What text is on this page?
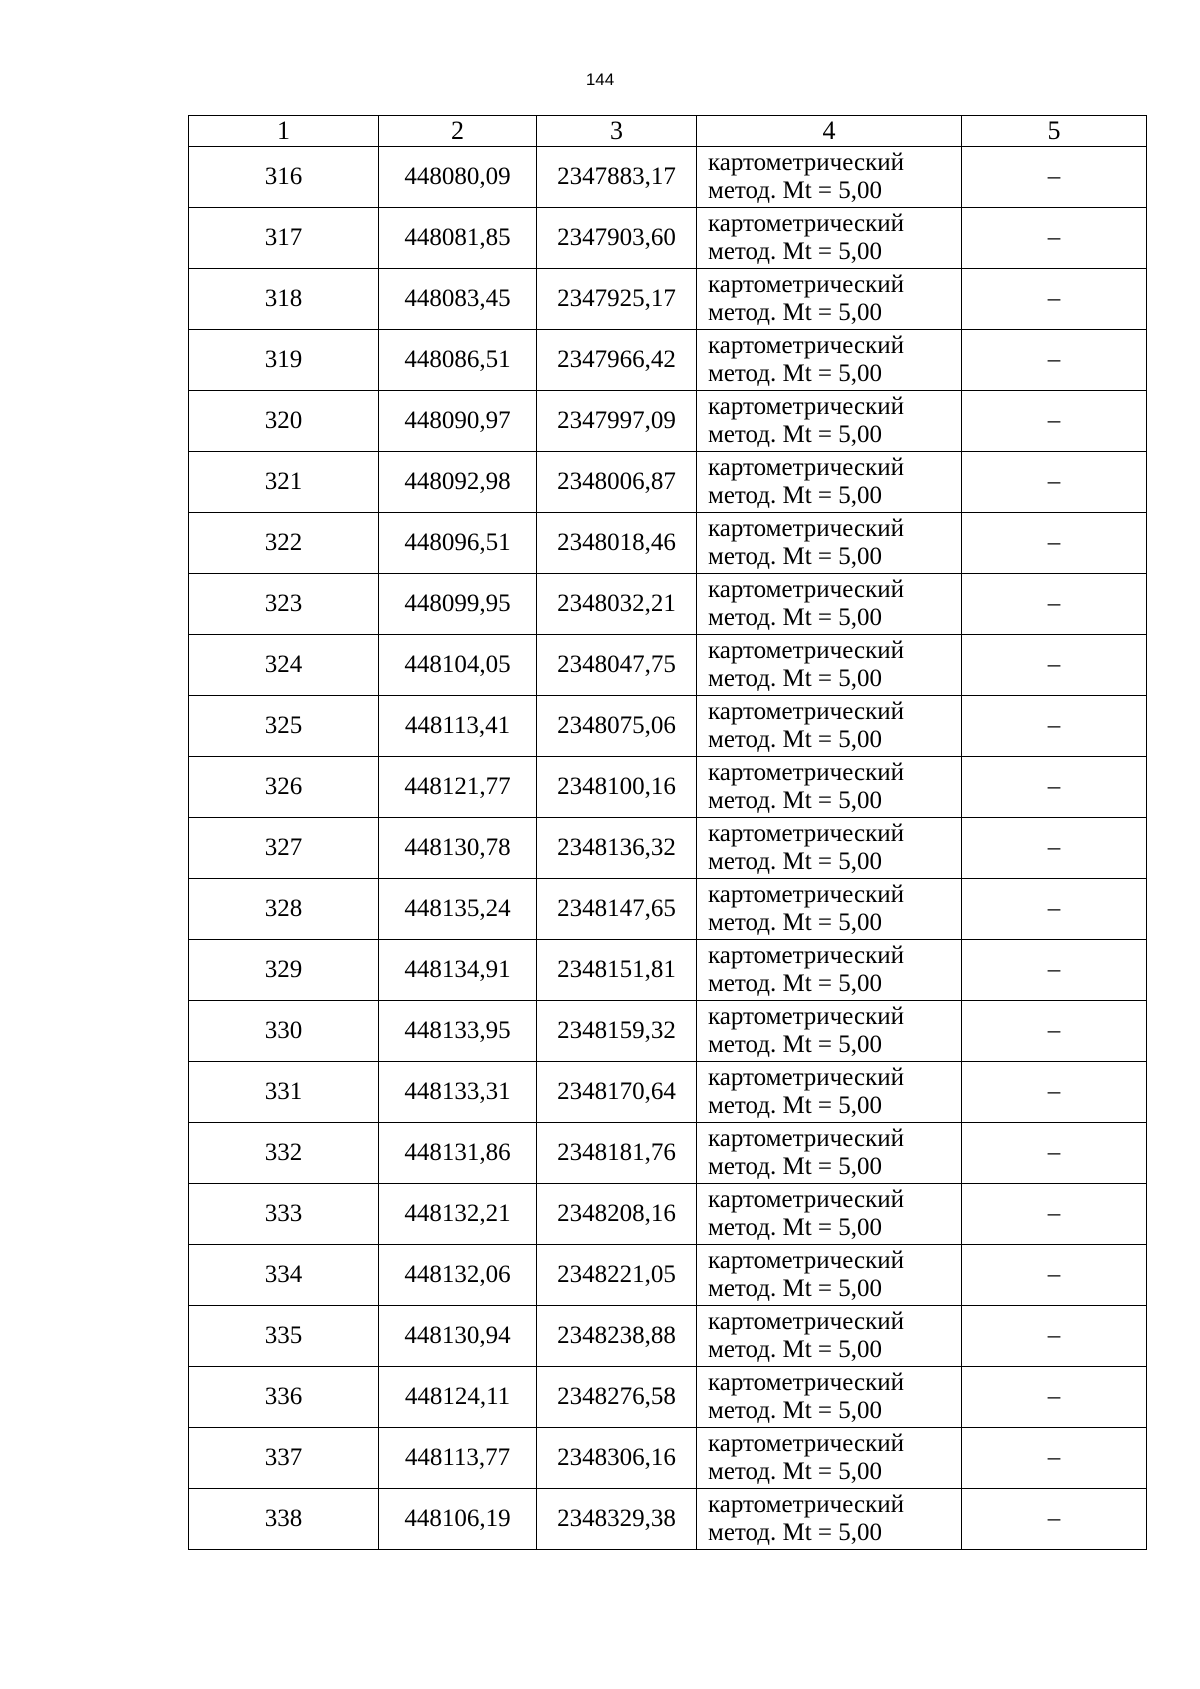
144
1	2	3	4	5
316	448080,09	2347883,17	картометрический
метод. Mt = 5,00	–
317	448081,85	2347903,60	картометрический
метод. Mt = 5,00	–
318	448083,45	2347925,17	картометрический
метод. Mt = 5,00	–
319	448086,51	2347966,42	картометрический
метод. Mt = 5,00	–
320	448090,97	2347997,09	картометрический
метод. Mt = 5,00	–
321	448092,98	2348006,87	картометрический
метод. Mt = 5,00	–
322	448096,51	2348018,46	картометрический
метод. Mt = 5,00	–
323	448099,95	2348032,21	картометрический
метод. Mt = 5,00	–
324	448104,05	2348047,75	картометрический
метод. Mt = 5,00	–
325	448113,41	2348075,06	картометрический
метод. Mt = 5,00	–
326	448121,77	2348100,16	картометрический
метод. Mt = 5,00	–
327	448130,78	2348136,32	картометрический
метод. Mt = 5,00	–
328	448135,24	2348147,65	картометрический
метод. Mt = 5,00	–
329	448134,91	2348151,81	картометрический
метод. Mt = 5,00	–
330	448133,95	2348159,32	картометрический
метод. Mt = 5,00	–
331	448133,31	2348170,64	картометрический
метод. Mt = 5,00	–
332	448131,86	2348181,76	картометрический
метод. Mt = 5,00	–
333	448132,21	2348208,16	картометрический
метод. Mt = 5,00	–
334	448132,06	2348221,05	картометрический
метод. Mt = 5,00	–
335	448130,94	2348238,88	картометрический
метод. Mt = 5,00	–
336	448124,11	2348276,58	картометрический
метод. Mt = 5,00	–
337	448113,77	2348306,16	картометрический
метод. Mt = 5,00	–
338	448106,19	2348329,38	картометрический
метод. Mt = 5,00	–
